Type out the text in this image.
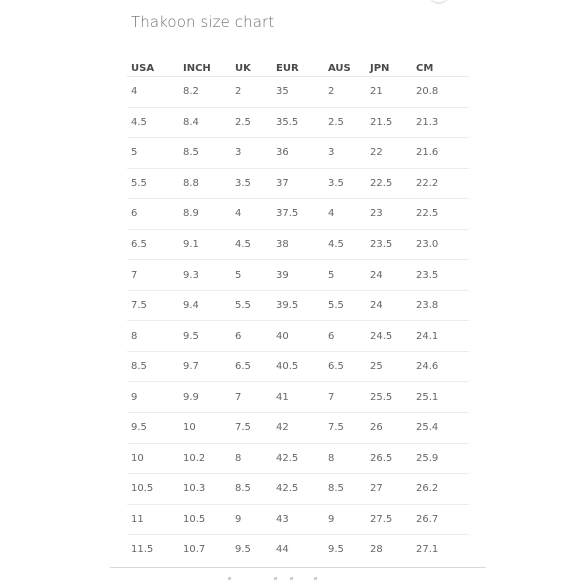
Thakoon size chart
USA	INCH	UK	EUR	AUS	JPN	CM
4	8.2	2	35	2	21	20.8
4.5	8.4	2.5	35.5	2.5	21.5	21.3
5	8.5	3	36	3	22	21.6
5.5	8.8	3.5	37	3.5	22.5	22.2
6	8.9	4	37.5	4	23	22.5
6.5	9.1	4.5	38	4.5	23.5	23.0
7	9.3	5	39	5	24	23.5
7.5	9.4	5.5	39.5	5.5	24	23.8
8	9.5	6	40	6	24.5	24.1
8.5	9.7	6.5	40.5	6.5	25	24.6
9	9.9	7	41	7	25.5	25.1
9.5	10	7.5	42	7.5	26	25.4
10	10.2	8	42.5	8	26.5	25.9
10.5	10.3	8.5	42.5	8.5	27	26.2
11	10.5	9	43	9	27.5	26.7
11.5	10.7	9.5	44	9.5	28	27.1
